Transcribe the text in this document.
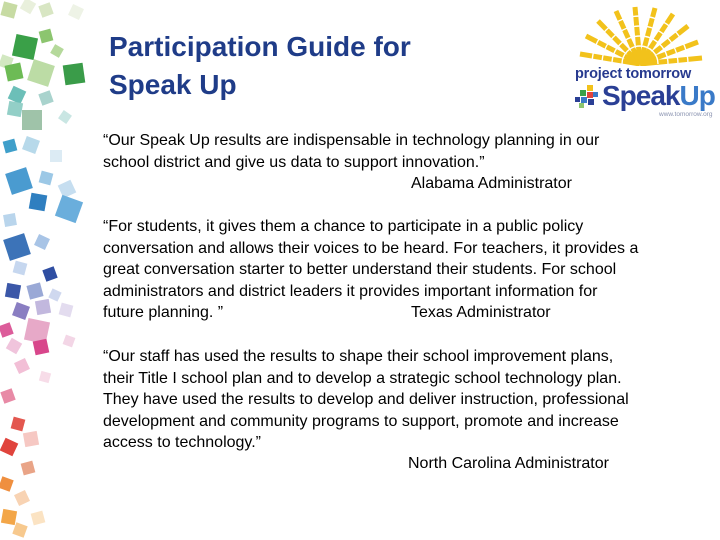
Participation Guide for
Speak Up	project tomorrow
SpeakUp
www.tomorrow.org

“Our Speak Up results are indispensable in technology planning in our
school district and give us data to support innovation.”

Alabama Administrator

“For students, it gives them a chance to participate in a public policy
conversation and allows their voices to be heard. For teachers, it provides a
great conversation starter to better understand their students. For school
administrators and district leaders it provides important information for
future planning. ”	Texas Administrator

“Our staff has used the results to shape their school improvement plans,
their Title I school plan and to develop a strategic school technology plan.
They have used the results to develop and deliver instruction, professional
development and community programs to support, promote and increase
access to technology.”

North Carolina Administrator
